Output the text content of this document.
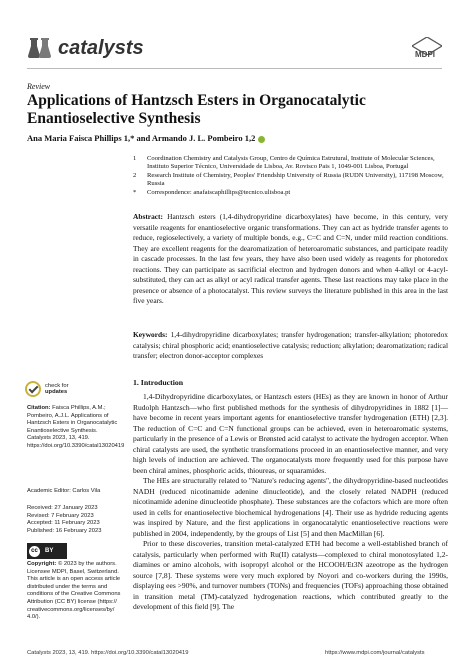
catalysts	MDPI
Review
Applications of Hantzsch Esters in Organocatalytic
Enantioselective Synthesis
Ana Maria Faisca Phillips 1,* and Armando J. L. Pombeiro 1,2
1	Coordination Chemistry and Catalysis Group, Centro de Química Estrutural, Institute of Molecular Sciences, Instituto Superior Técnico, Universidade de Lisboa, Av. Rovisco Pais 1, 1049-001 Lisboa, Portugal
2	Research Institute of Chemistry, Peoples' Friendship University of Russia (RUDN University), 117198 Moscow, Russia
*	Correspondence: anafaiscaphillips@tecnico.ulisboa.pt
Abstract: Hantzsch esters (1,4-dihydropyridine dicarboxylates) have become, in this century, very versatile reagents for enantioselective organic transformations. They can act as hydride transfer agents to reduce, regioselectively, a variety of multiple bonds, e.g., C=C and C=N, under mild reaction conditions. They are excellent reagents for the dearomatization of heteroaromatic substances, and participate readily in cascade processes. In the last few years, they have also been used widely as reagents for photoredox reactions. They can participate as sacrificial electron and hydrogen donors and when 4-alkyl or 4-acyl-substituted, they can act as alkyl or acyl radical transfer agents. These last reactions may take place in the presence or absence of a photocatalyst. This review surveys the literature published in this area in the last five years.
Keywords: 1,4-dihydropyridine dicarboxylates; transfer hydrogenation; transfer-alkylation; photoredox catalysis; chiral phosphoric acid; enantioselective catalysis; reduction; alkylation; dearomatization; radical transfer; electron donor-acceptor complexes
check for
updates
Citation: Faisca Phillips, A.M.; Pombeiro, A.J.L. Applications of Hantzsch Esters in Organocatalytic Enantioselective Synthesis. Catalysts 2023, 13, 419. https://doi.org/10.3390/catal13020419
Academic Editor: Carlos Vila
Received: 27 January 2023
Revised: 7 February 2023
Accepted: 11 February 2023
Published: 16 February 2023
cc	BY
Copyright: © 2023 by the authors. Licensee MDPI, Basel, Switzerland. This article is an open access article distributed under the terms and conditions of the Creative Commons Attribution (CC BY) license (https:// creativecommons.org/licenses/by/ 4.0/).
1. Introduction

1,4-Dihydropyridine dicarboxylates, or Hantzsch esters (HEs) as they are known in honor of Arthur Rudolph Hantzsch—who first published methods for the synthesis of dihydropyridines in 1882 [1]—have become in recent years important agents for enantioselective transfer hydrogenation (ETH) [2,3]. The reduction of C=C and C=N functional groups can be achieved, even in heteroaromatic systems, particularly in the presence of a Lewis or Brønsted acid catalyst to activate the hydrogen acceptor. When chiral catalysts are used, the synthetic transformations proceed in an enantioselective manner, and very high levels of induction are achieved. The organocatalysts more frequently used for this purpose have been chiral amines, phosphoric acids, thioureas, or squaramides.

The HEs are structurally related to "Nature's reducing agents", the dihydropyridine-based nucleotides NADH (reduced nicotinamide adenine dinucleotide), and the closely related NADPH (reduced nicotinamide adenine dinucleotide phosphate). These substances are the cofactors which are more often used in cells for enantioselective biochemical hydrogenations [4]. Their use as hydride reducing agents was inspired by Nature, and the first applications in organocatalytic enantioselective reactions were published in 2004, independently, by the groups of List [5] and then MacMillan [6].

Prior to these discoveries, transition metal-catalyzed ETH had become a well-established branch of catalysis, particularly when performed with Ru(II) catalysts—complexed to chiral monotosylated 1,2-diamines or amino alcohols, with isopropyl alcohol or the HCOOH/Et3N azeotrope as the hydrogen source [7,8]. These systems were very much explored by Noyori and co-workers during the 1990s, displaying ees >90%, and turnover numbers (TONs) and frequencies (TOFs) approaching those obtained in transition metal (TM)-catalyzed hydrogenation reactions, which contributed greatly to the development of this field [9]. The

Catalysts 2023, 13, 419. https://doi.org/10.3390/catal13020419	https://www.mdpi.com/journal/catalysts
